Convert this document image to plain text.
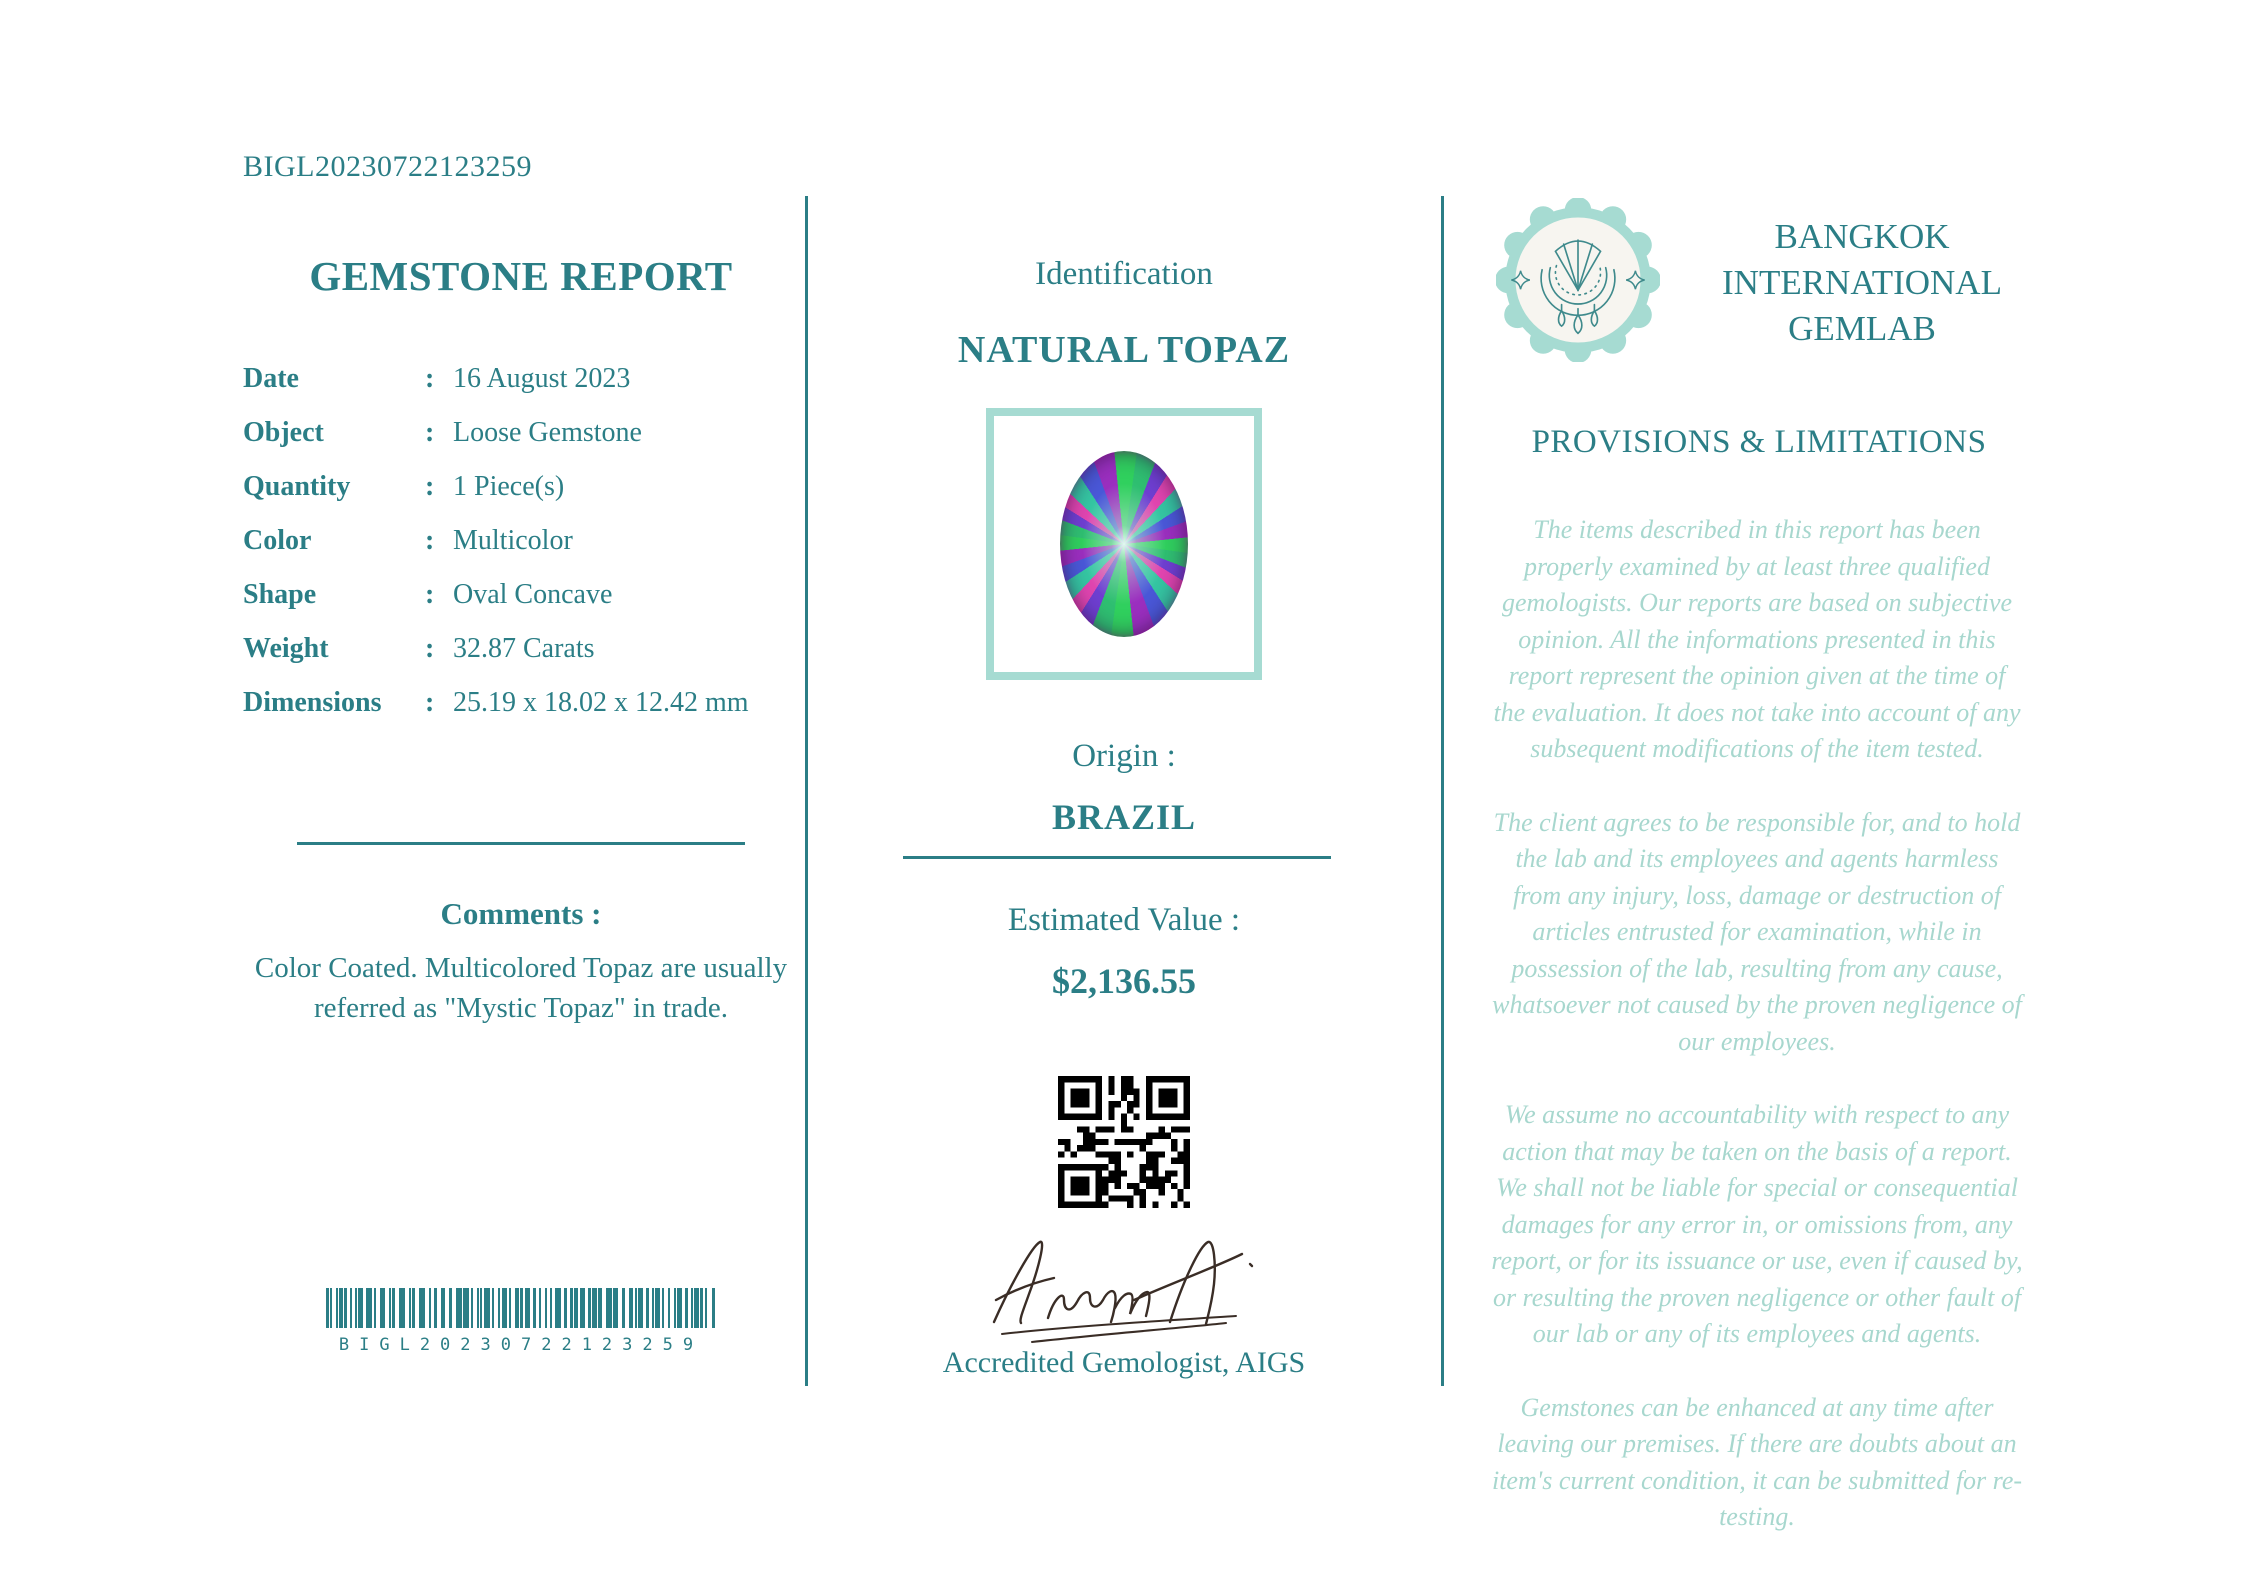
BIGL20230722123259
GEMSTONE REPORT
Date	: 16 August 2023
Object	: Loose Gemstone
Quantity	: 1 Piece(s)
Color	: Multicolor
Shape	: Oval Concave
Weight	: 32.87 Carats
Dimensions	: 25.19 x 18.02 x 12.42 mm
Comments :

Color Coated. Multicolored Topaz are usually referred as "Mystic Topaz" in trade.

BIGL20230722123259
Identification
NATURAL TOPAZ
Origin :
BRAZIL
Estimated Value :
$2,136.55
Accredited Gemologist, AIGS
BANGKOK
INTERNATIONAL
GEMLAB
PROVISIONS & LIMITATIONS

The items described in this report has been properly examined by at least three qualified gemologists. Our reports are based on subjective opinion. All the informations presented in this report represent the opinion given at the time of the evaluation. It does not take into account of any subsequent modifications of the item tested.

The client agrees to be responsible for, and to hold the lab and its employees and agents harmless from any injury, loss, damage or destruction of articles entrusted for examination, while in possession of the lab, resulting from any cause, whatsoever not caused by the proven negligence of our employees.

We assume no accountability with respect to any action that may be taken on the basis of a report. We shall not be liable for special or consequential damages for any error in, or omissions from, any report, or for its issuance or use, even if caused by, or resulting the proven negligence or other fault of our lab or any of its employees and agents.

Gemstones can be enhanced at any time after leaving our premises. If there are doubts about an item's current condition, it can be submitted for re-testing.
